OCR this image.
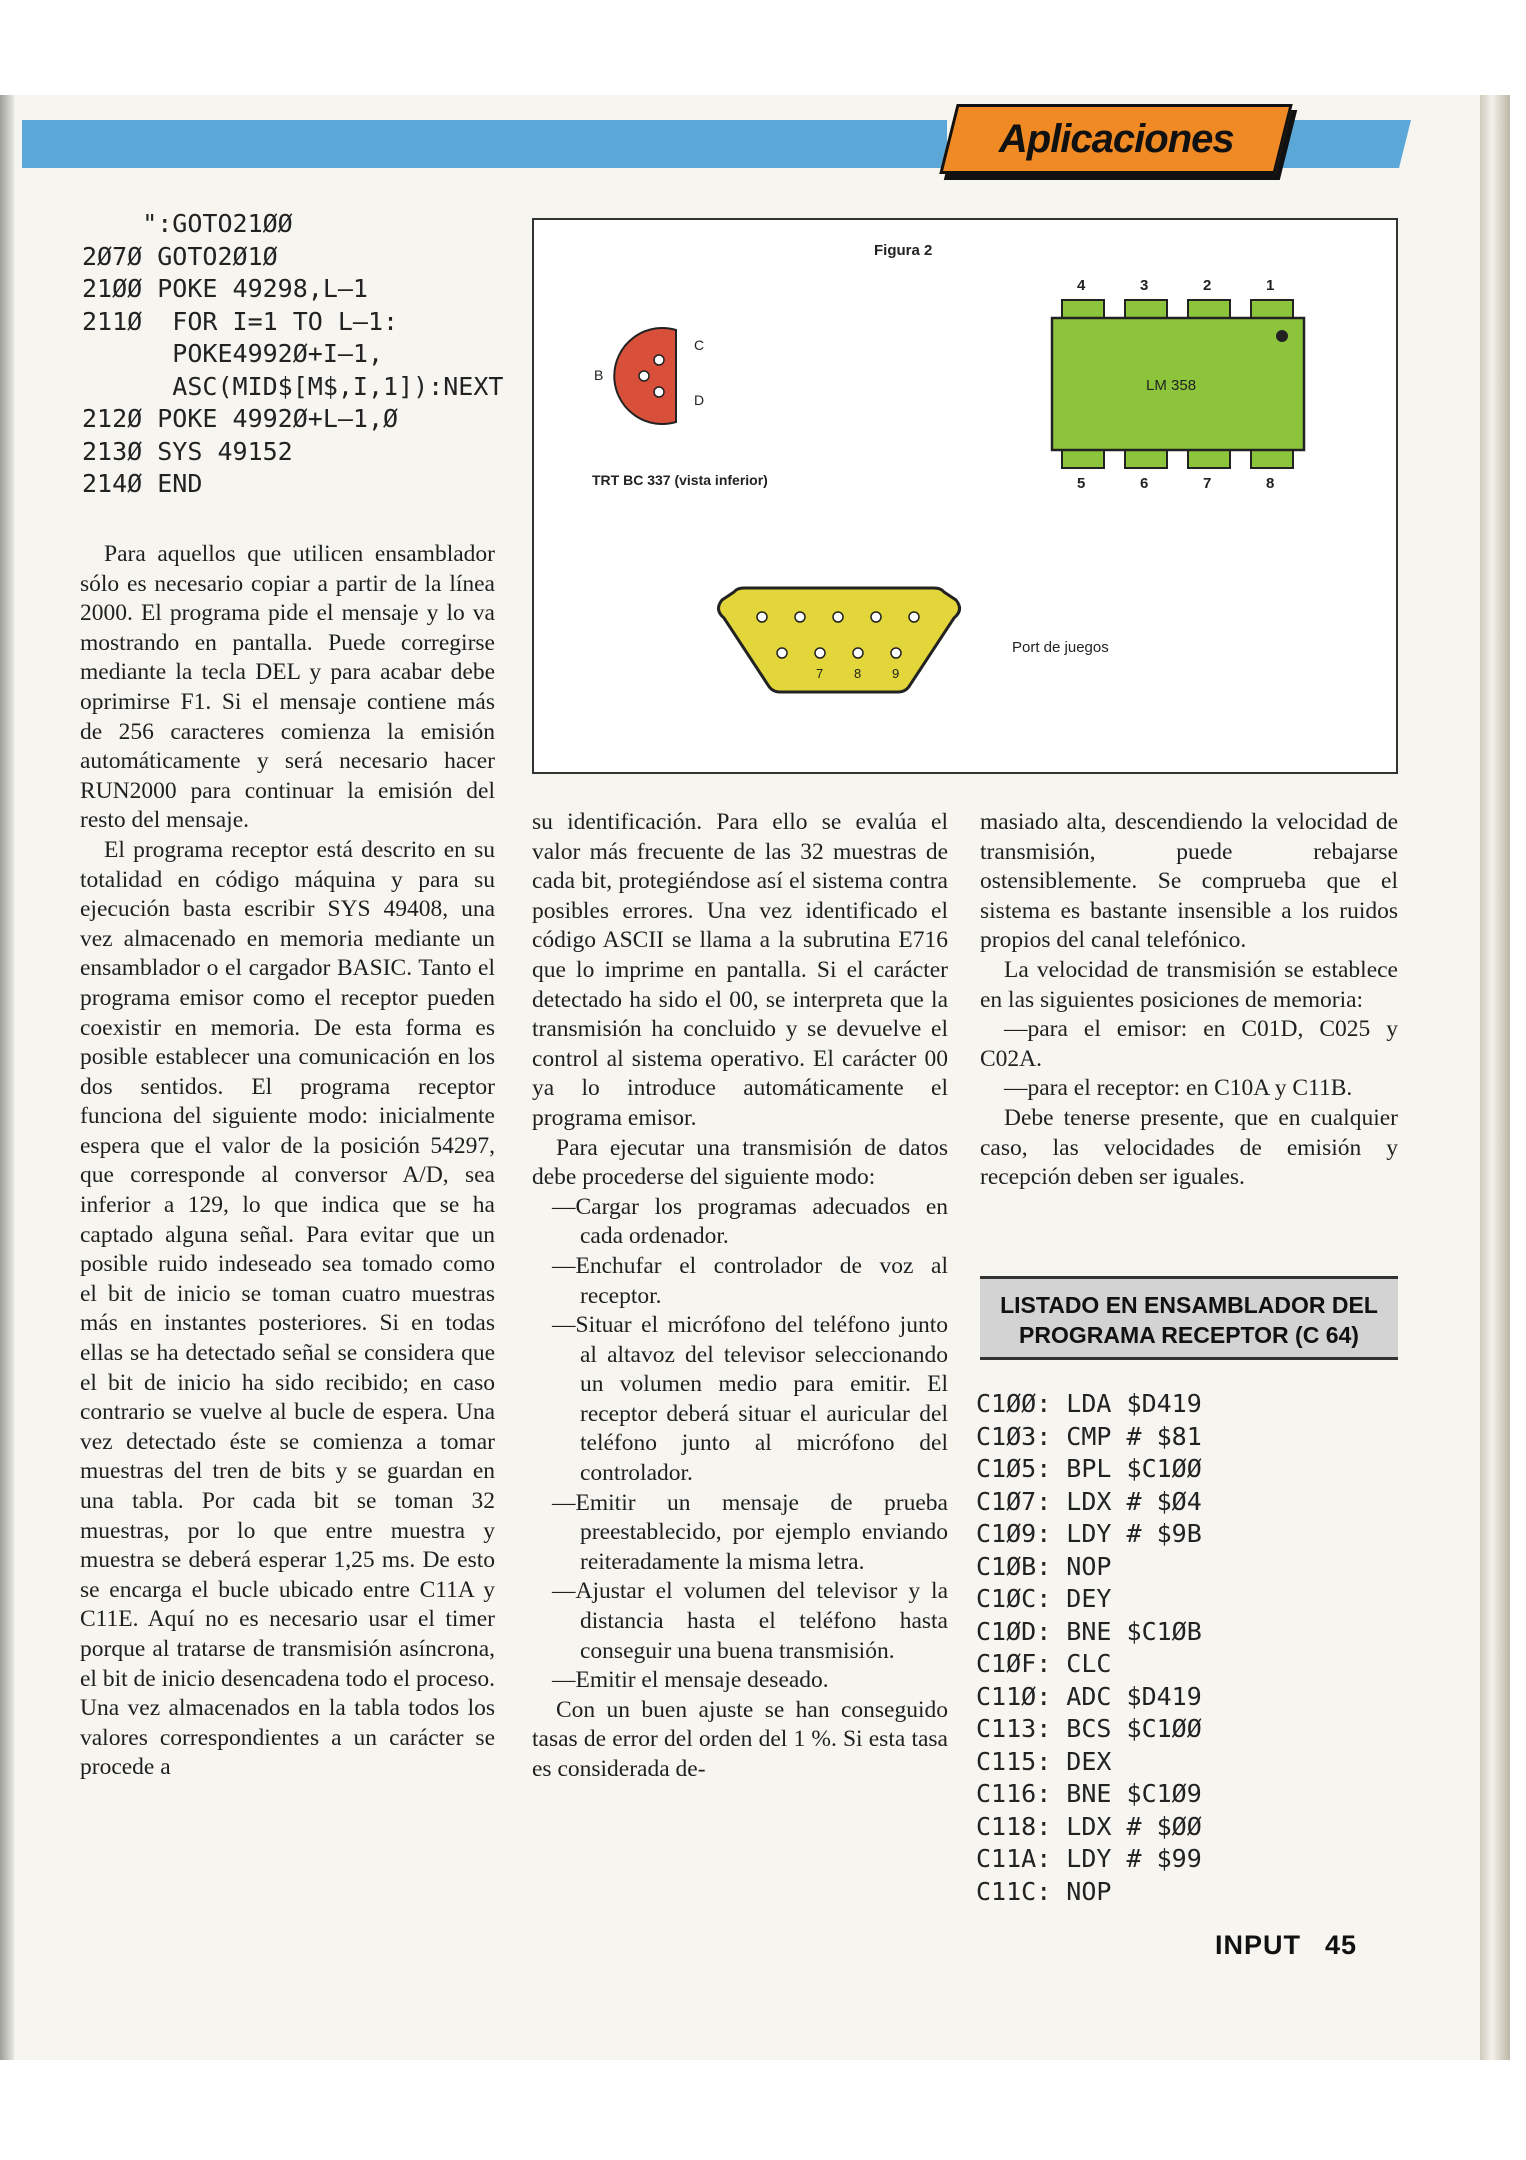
Aplicaciones
":GOTO21ØØ
2Ø7Ø GOTO2Ø1Ø
21ØØ POKE 49298,L–1
211Ø  FOR I=1 TO L–1:
POKE4992Ø+I–1,
ASC(MID$[M$,I,1]):NEXT
212Ø POKE 4992Ø+L–1,Ø
213Ø SYS 49152
214Ø END

Para aquellos que utilicen ensamblador sólo es necesario copiar a partir de la línea 2000. El programa pide el mensaje y lo va mostrando en pantalla. Puede corregirse mediante la tecla DEL y para acabar debe oprimirse F1. Si el mensaje contiene más de 256 caracteres comienza la emisión automáticamente y será necesario hacer RUN2000 para continuar la emisión del resto del mensaje.

El programa receptor está descrito en su totalidad en código máquina y para su ejecución basta escribir SYS 49408, una vez almacenado en memoria mediante un ensamblador o el cargador BASIC. Tanto el programa emisor como el receptor pueden coexistir en memoria. De esta forma es posible establecer una comunicación en los dos sentidos. El programa receptor funciona del siguiente modo: inicialmente espera que el valor de la posición 54297, que corresponde al conversor A/D, sea inferior a 129, lo que indica que se ha captado alguna señal. Para evitar que un posible ruido indeseado sea tomado como el bit de inicio se toman cuatro muestras más en instantes posteriores. Si en todas ellas se ha detectado señal se considera que el bit de inicio ha sido recibido; en caso contrario se vuelve al bucle de espera. Una vez detectado éste se comienza a tomar muestras del tren de bits y se guardan en una tabla. Por cada bit se toman 32 muestras, por lo que entre muestra y muestra se deberá esperar 1,25 ms. De esto se encarga el bucle ubicado entre C11A y C11E. Aquí no es necesario usar el timer porque al tratarse de transmisión asíncrona, el bit de inicio desencadena todo el proceso. Una vez almacenados en la tabla todos los valores correspondientes a un carácter se procede a

Figura 2
B
C
D
TRT BC 337 (vista inferior)
LM 358
4	3	2	1
5	6	7	8
7 8 9
Port de juegos

su identificación. Para ello se evalúa el valor más frecuente de las 32 muestras de cada bit, protegiéndose así el sistema contra posibles errores. Una vez identificado el código ASCII se llama a la subrutina E716 que lo imprime en pantalla. Si el carácter detectado ha sido el 00, se interpreta que la transmisión ha concluido y se devuelve el control al sistema operativo. El carácter 00 ya lo introduce automáticamente el programa emisor.

Para ejecutar una transmisión de datos debe procederse del siguiente modo:

—Cargar los programas adecuados en cada ordenador.

—Enchufar el controlador de voz al receptor.

—Situar el micrófono del teléfono junto al altavoz del televisor seleccionando un volumen medio para emitir. El receptor deberá situar el auricular del teléfono junto al micrófono del controlador.

—Emitir un mensaje de prueba preestablecido, por ejemplo enviando reiteradamente la misma letra.

—Ajustar el volumen del televisor y la distancia hasta el teléfono hasta conseguir una buena transmisión.

—Emitir el mensaje deseado.

Con un buen ajuste se han conseguido tasas de error del orden del 1 %. Si esta tasa es considerada de-

masiado alta, descendiendo la velocidad de transmisión, puede rebajarse ostensiblemente. Se comprueba que el sistema es bastante insensible a los ruidos propios del canal telefónico.

La velocidad de transmisión se establece en las siguientes posiciones de memoria:

—para el emisor: en C01D, C025 y C02A.

—para el receptor: en C10A y C11B.

Debe tenerse presente, que en cualquier caso, las velocidades de emisión y recepción deben ser iguales.

LISTADO EN ENSAMBLADOR DEL
PROGRAMA RECEPTOR (C 64)
C1ØØ: LDA $D419
C1Ø3: CMP # $81
C1Ø5: BPL $C1ØØ
C1Ø7: LDX # $Ø4
C1Ø9: LDY # $9B
C1ØB: NOP
C1ØC: DEY
C1ØD: BNE $C1ØB
C1ØF: CLC
C11Ø: ADC $D419
C113: BCS $C1ØØ
C115: DEX
C116: BNE $C1Ø9
C118: LDX # $ØØ
C11A: LDY # $99
C11C: NOP
INPUT 45
